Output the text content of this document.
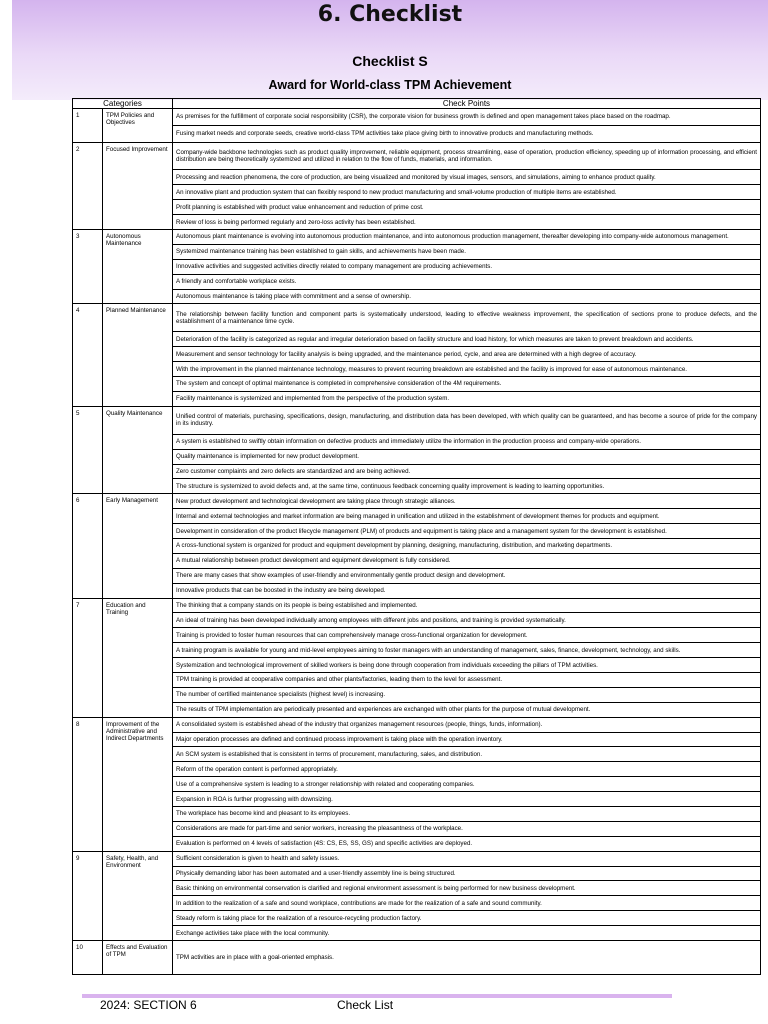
6. Checklist
Checklist S
Award for World-class TPM Achievement
Categories		Check Points
1	TPM Policies and Objectives	As premises for the fulfillment of corporate social responsibility (CSR), the corporate vision for business growth is defined and open management takes place based on the roadmap.
		Fusing market needs and corporate seeds, creative world-class TPM activities take place giving birth to innovative products and manufacturing methods.
2	Focused Improvement	Company-wide backbone technologies such as product quality improvement, reliable equipment, process streamlining, ease of operation, production efficiency, speeding up of information processing, and efficient distribution are being theoretically systemized and utilized in relation to the flow of funds, materials, and information.
		Processing and reaction phenomena, the core of production, are being visualized and monitored by visual images, sensors, and simulations, aiming to enhance product quality.
		An innovative plant and production system that can flexibly respond to new product manufacturing and small-volume production of multiple items are established.
		Profit planning is established with product value enhancement and reduction of prime cost.
		Review of loss is being performed regularly and zero-loss activity has been established.
3	Autonomous Maintenance	Autonomous plant maintenance is evolving into autonomous production maintenance, and into autonomous production management, thereafter developing into company-wide autonomous management.
		Systemized maintenance training has been established to gain skills, and achievements have been made.
		Innovative activities and suggested activities directly related to company management are producing achievements.
		A friendly and comfortable workplace exists.
		Autonomous maintenance is taking place with commitment and a sense of ownership.
4	Planned Maintenance	The relationship between facility function and component parts is systematically understood, leading to effective weakness improvement, the specification of sections prone to produce defects, and the establishment of a maintenance time cycle.
		Deterioration of the facility is categorized as regular and irregular deterioration based on facility structure and load history, for which measures are taken to prevent breakdown and accidents.
		Measurement and sensor technology for facility analysis is being upgraded, and the maintenance period, cycle, and area are determined with a high degree of accuracy.
		With the improvement in the planned maintenance technology, measures to prevent recurring breakdown are established and the facility is improved for ease of autonomous maintenance.
		The system and concept of optimal maintenance is completed in comprehensive consideration of the 4M requirements.
		Facility maintenance is systemized and implemented from the perspective of the production system.
5	Quality Maintenance	Unified control of materials, purchasing, specifications, design, manufacturing, and distribution data has been developed, with which quality can be guaranteed, and has become a source of pride for the company in its industry.
		A system is established to swiftly obtain information on defective products and immediately utilize the information in the production process and company-wide operations.
		Quality maintenance is implemented for new product development.
		Zero customer complaints and zero defects are standardized and are being achieved.
		The structure is systemized to avoid defects and, at the same time, continuous feedback concerning quality improvement is leading to learning opportunities.
6	Early Management	New product development and technological development are taking place through strategic alliances.
		Internal and external technologies and market information are being managed in unification and utilized in the establishment of development themes for products and equipment.
		Development in consideration of the product lifecycle management (PLM) of products and equipment is taking place and a management system for the development is established.
		A cross-functional system is organized for product and equipment development by planning, designing, manufacturing, distribution, and marketing departments.
		A mutual relationship between product development and equipment development is fully considered.
		There are many cases that show examples of user-friendly and environmentally gentle product design and development.
		Innovative products that can be boosted in the industry are being developed.
7	Education and Training	The thinking that a company stands on its people is being established and implemented.
		An ideal of training has been developed individually among employees with different jobs and positions, and training is provided systematically.
		Training is provided to foster human resources that can comprehensively manage cross-functional organization for development.
		A training program is available for young and mid-level employees aiming to foster managers with an understanding of management, sales, finance, development, technology, and skills.
		Systemization and technological improvement of skilled workers is being done through cooperation from individuals exceeding the pillars of TPM activities.
		TPM training is provided at cooperative companies and other plants/factories, leading them to the level for assessment.
		The number of certified maintenance specialists (highest level) is increasing.
		The results of TPM implementation are periodically presented and experiences are exchanged with other plants for the purpose of mutual development.
8	Improvement of the Administrative and Indirect Departments	A consolidated system is established ahead of the industry that organizes management resources (people, things, funds, information).
		Major operation processes are defined and continued process improvement is taking place with the operation inventory.
		An SCM system is established that is consistent in terms of procurement, manufacturing, sales, and distribution.
		Reform of the operation content is performed appropriately.
		Use of a comprehensive system is leading to a stronger relationship with related and cooperating companies.
		Expansion in ROA is further progressing with downsizing.
		The workplace has become kind and pleasant to its employees.
		Considerations are made for part-time and senior workers, increasing the pleasantness of the workplace.
		Evaluation is performed on 4 levels of satisfaction (4S: CS, ES, SS, GS) and specific activities are deployed.
9	Safety, Health, and Environment	Sufficient consideration is given to health and safety issues.
		Physically demanding labor has been automated and a user-friendly assembly line is being structured.
		Basic thinking on environmental conservation is clarified and regional environment assessment is being performed for new business development.
		In addition to the realization of a safe and sound workplace, contributions are made for the realization of a safe and sound community.
		Steady reform is taking place for the realization of a resource-recycling production factory.
		Exchange activities take place with the local community.
10	Effects and Evaluation of TPM	TPM activities are in place with a goal-oriented emphasis.
2024: SECTION 6	Check List
